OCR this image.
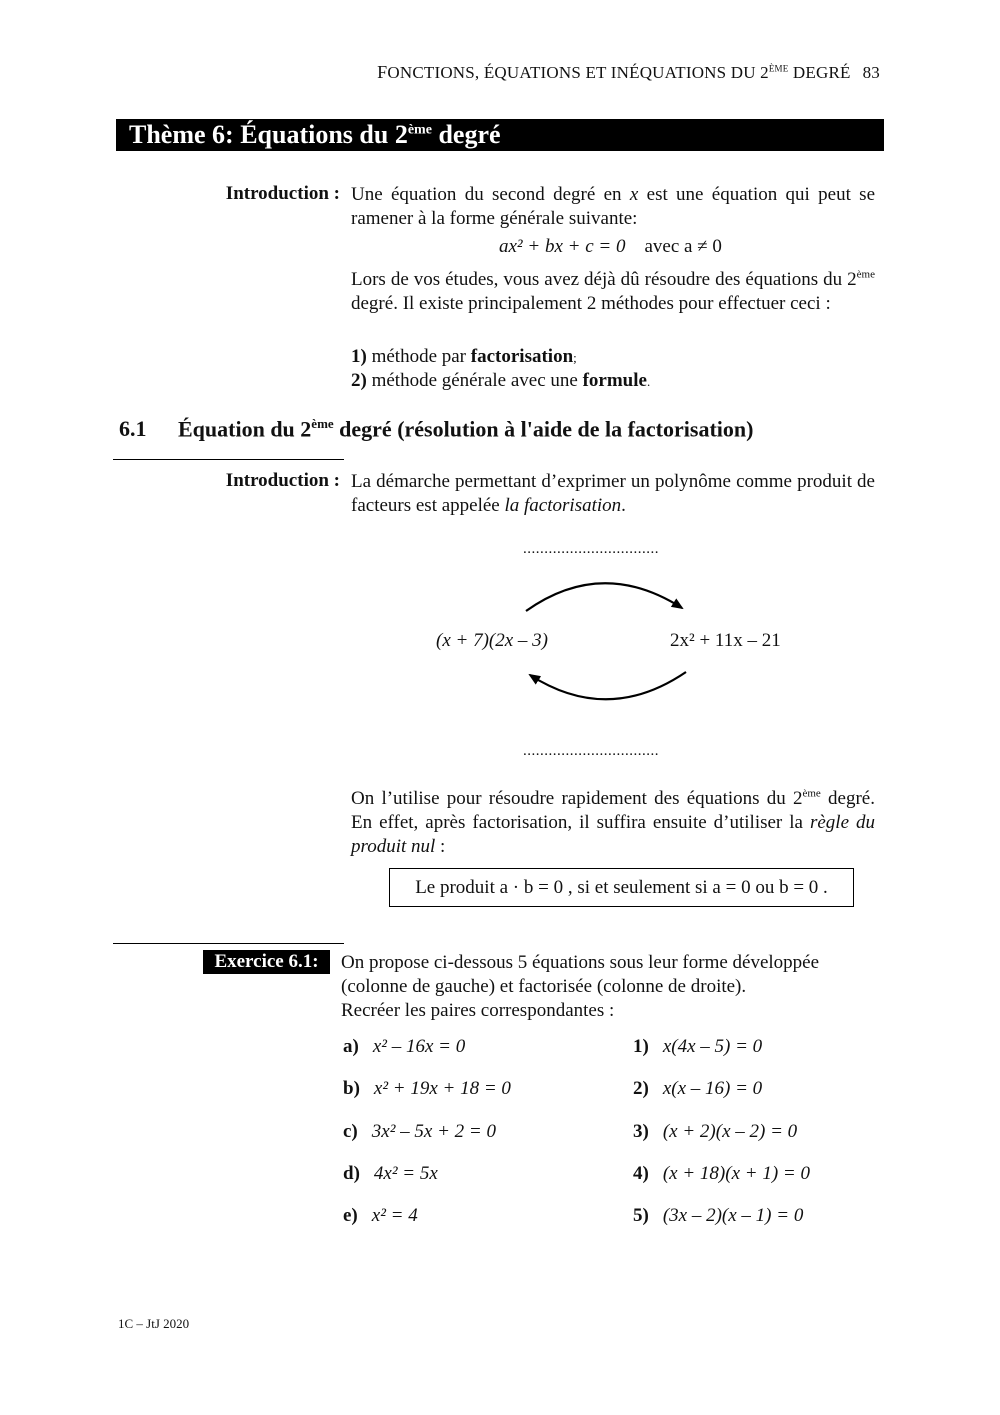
FONCTIONS, ÉQUATIONS ET INÉQUATIONS DU 2ÈME DEGRÉ 83
Thème 6: Équations du 2ème degré
Introduction : Une équation du second degré en x est une équation qui peut se ramener à la forme générale suivante:
ax² + bx + c = 0 avec a ≠ 0
Lors de vos études, vous avez déjà dû résoudre des équations du 2ème degré. Il existe principalement 2 méthodes pour effectuer ceci :
1) méthode par factorisation;
2) méthode générale avec une formule.
6.1 Équation du 2ème degré (résolution à l'aide de la factorisation)
Introduction : La démarche permettant d’exprimer un polynôme comme produit de facteurs est appelée la factorisation.
................................
(x + 7)(2x – 3)	2x² + 11x – 21
................................
On l’utilise pour résoudre rapidement des équations du 2ème degré. En effet, après factorisation, il suffira ensuite d’utiliser la règle du produit nul :
Le produit a · b = 0 , si et seulement si a = 0 ou b = 0 .
Exercice 6.1:	On propose ci-dessous 5 équations sous leur forme développée (colonne de gauche) et factorisée (colonne de droite).
Recréer les paires correspondantes :
a) x² – 16x = 0
b) x² + 19x + 18 = 0
c) 3x² – 5x + 2 = 0
d) 4x² = 5x
e) x² = 4
1) x(4x – 5) = 0
2) x(x – 16) = 0
3) (x + 2)(x – 2) = 0
4) (x + 18)(x + 1) = 0
5) (3x – 2)(x – 1) = 0
1C – JtJ 2020
